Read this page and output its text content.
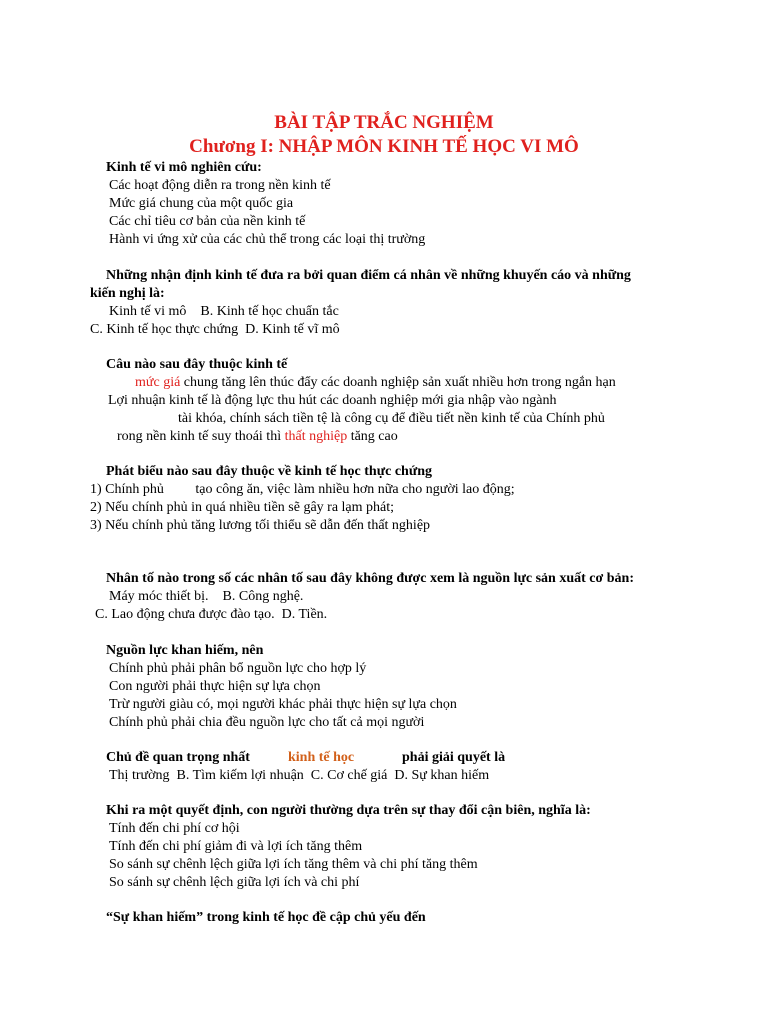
BÀI TẬP TRẮC NGHIỆM
Chương I: NHẬP MÔN KINH TẾ HỌC VI MÔ
Kinh tế vi mô nghiên cứu:
Các hoạt động diễn ra trong nền kinh tế
Mức giá chung của một quốc gia
Các chỉ tiêu cơ bản của nền kinh tế
Hành vi ứng xử của các chủ thể trong các loại thị trường
Những nhận định kinh tế đưa ra bởi quan điểm cá nhân về những khuyến cáo và những
kiến nghị là:
Kinh tế vi mô    B. Kinh tế học chuẩn tắc
C. Kinh tế học thực chứng  D. Kinh tế vĩ mô
Câu nào sau đây thuộc kinh tế
mức giá chung tăng lên thúc đẩy các doanh nghiệp sản xuất nhiều hơn trong ngắn hạn
Lợi nhuận kinh tế là động lực thu hút các doanh nghiệp mới gia nhập vào ngành
tài khóa, chính sách tiền tệ là công cụ để điều tiết nền kinh tế của Chính phủ
rong nền kinh tế suy thoái thì thất nghiệp tăng cao
Phát biểu nào sau đây thuộc về kinh tế học thực chứng
1) Chính phủ         tạo công ăn, việc làm nhiều hơn nữa cho người lao động;
2) Nếu chính phủ in quá nhiều tiền sẽ gây ra lạm phát;
3) Nếu chính phủ tăng lương tối thiểu sẽ dẫn đến thất nghiệp
Nhân tố nào trong số các nhân tố sau đây không được xem là nguồn lực sản xuất cơ bản:
Máy móc thiết bị.    B. Công nghệ.
C. Lao động chưa được đào tạo.  D. Tiền.
Nguồn lực khan hiếm, nên
Chính phủ phải phân bổ nguồn lực cho hợp lý
Con người phải thực hiện sự lựa chọn
Trừ người giàu có, mọi người khác phải thực hiện sự lựa chọn
Chính phủ phải chia đều nguồn lực cho tất cả mọi người
Chủ đề quan trọng nhất	kinh tế học	phải giải quyết là
Thị trường  B. Tìm kiếm lợi nhuận  C. Cơ chế giá  D. Sự khan hiếm
Khi ra một quyết định, con người thường dựa trên sự thay đổi cận biên, nghĩa là:
Tính đến chi phí cơ hội
Tính đến chi phí giảm đi và lợi ích tăng thêm
So sánh sự chênh lệch giữa lợi ích tăng thêm và chi phí tăng thêm
So sánh sự chênh lệch giữa lợi ích và chi phí
“Sự khan hiếm” trong kinh tế học đề cập chủ yếu đến
